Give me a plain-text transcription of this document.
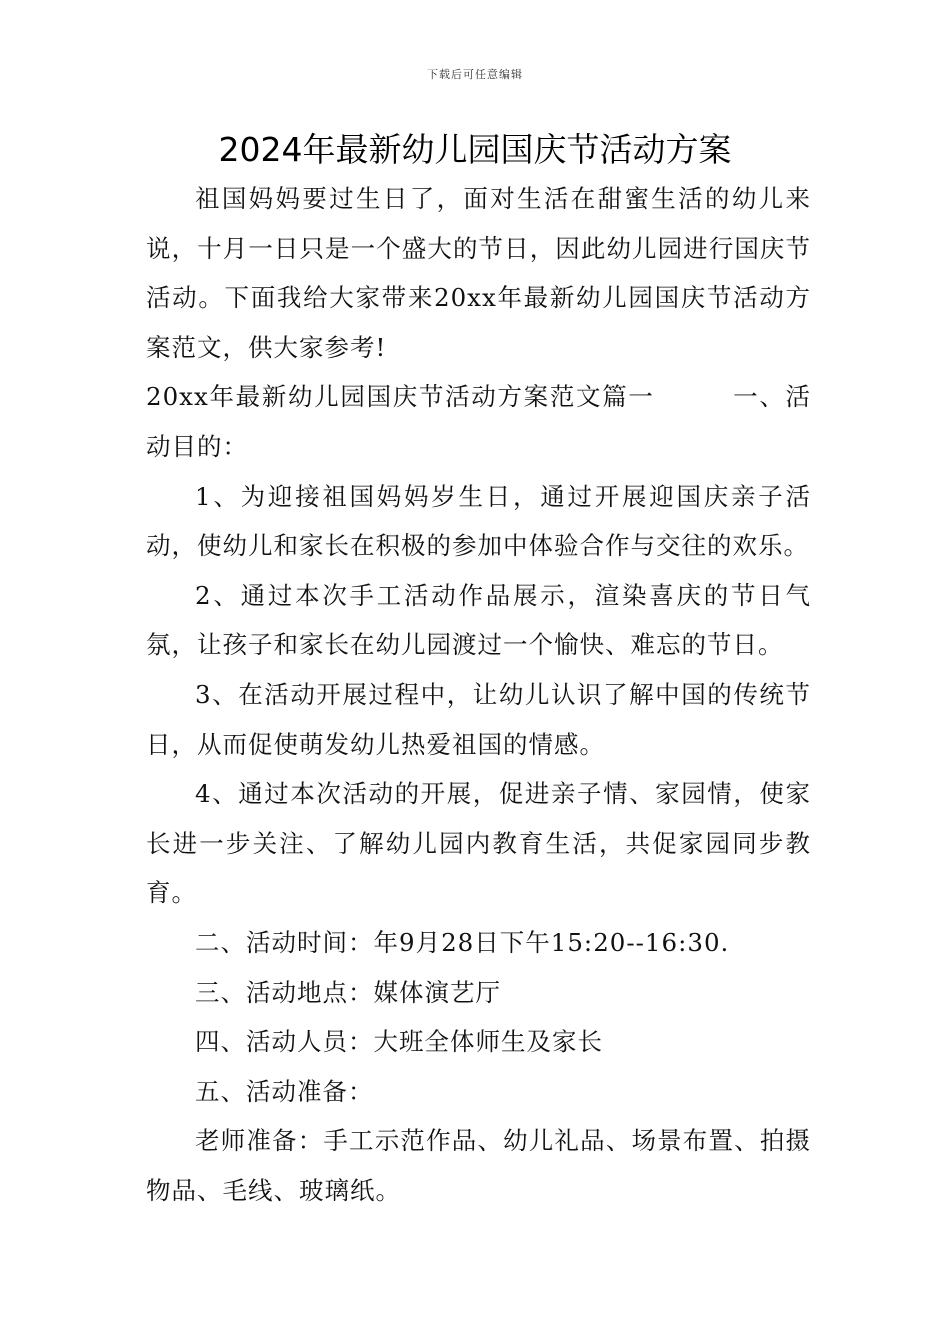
下载后可任意编辑
2024年最新幼儿园国庆节活动方案

祖国妈妈要过生日了，面对生活在甜蜜生活的幼儿来说，十月一日只是一个盛大的节日，因此幼儿园进行国庆节活动。下面我给大家带来20xx年最新幼儿园国庆节活动方案范文，供大家参考!

20xx年最新幼儿园国庆节活动方案范文篇一　　　一、活动目的：

1、为迎接祖国妈妈岁生日，通过开展迎国庆亲子活动，使幼儿和家长在积极的参加中体验合作与交往的欢乐。

2、通过本次手工活动作品展示，渲染喜庆的节日气氛，让孩子和家长在幼儿园渡过一个愉快、难忘的节日。

3、在活动开展过程中，让幼儿认识了解中国的传统节日，从而促使萌发幼儿热爱祖国的情感。

4、通过本次活动的开展，促进亲子情、家园情，使家长进一步关注、了解幼儿园内教育生活，共促家园同步教育。

二、活动时间：年9月28日下午15:20--16:30.

三、活动地点：媒体演艺厅

四、活动人员：大班全体师生及家长

五、活动准备：

老师准备：手工示范作品、幼儿礼品、场景布置、拍摄物品、毛线、玻璃纸。
